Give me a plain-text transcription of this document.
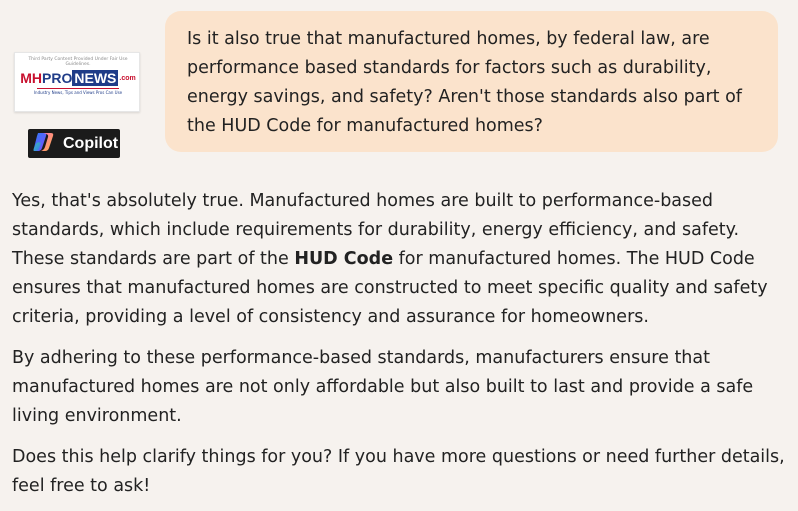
Is it also true that manufactured homes, by federal law, are performance based standards for factors such as durability, energy savings, and safety? Aren't those standards also part of the HUD Code for manufactured homes?
Third Party Content Provided Under Fair Use Guidelines.
MH PRO NEWS .com
Industry News, Tips and Views Pros Can Use
Copilot

Yes, that's absolutely true. Manufactured homes are built to performance-based standards, which include requirements for durability, energy efficiency, and safety. These standards are part of the HUD Code for manufactured homes. The HUD Code ensures that manufactured homes are constructed to meet specific quality and safety criteria, providing a level of consistency and assurance for homeowners.

By adhering to these performance-based standards, manufacturers ensure that manufactured homes are not only affordable but also built to last and provide a safe living environment.

Does this help clarify things for you? If you have more questions or need further details, feel free to ask!
